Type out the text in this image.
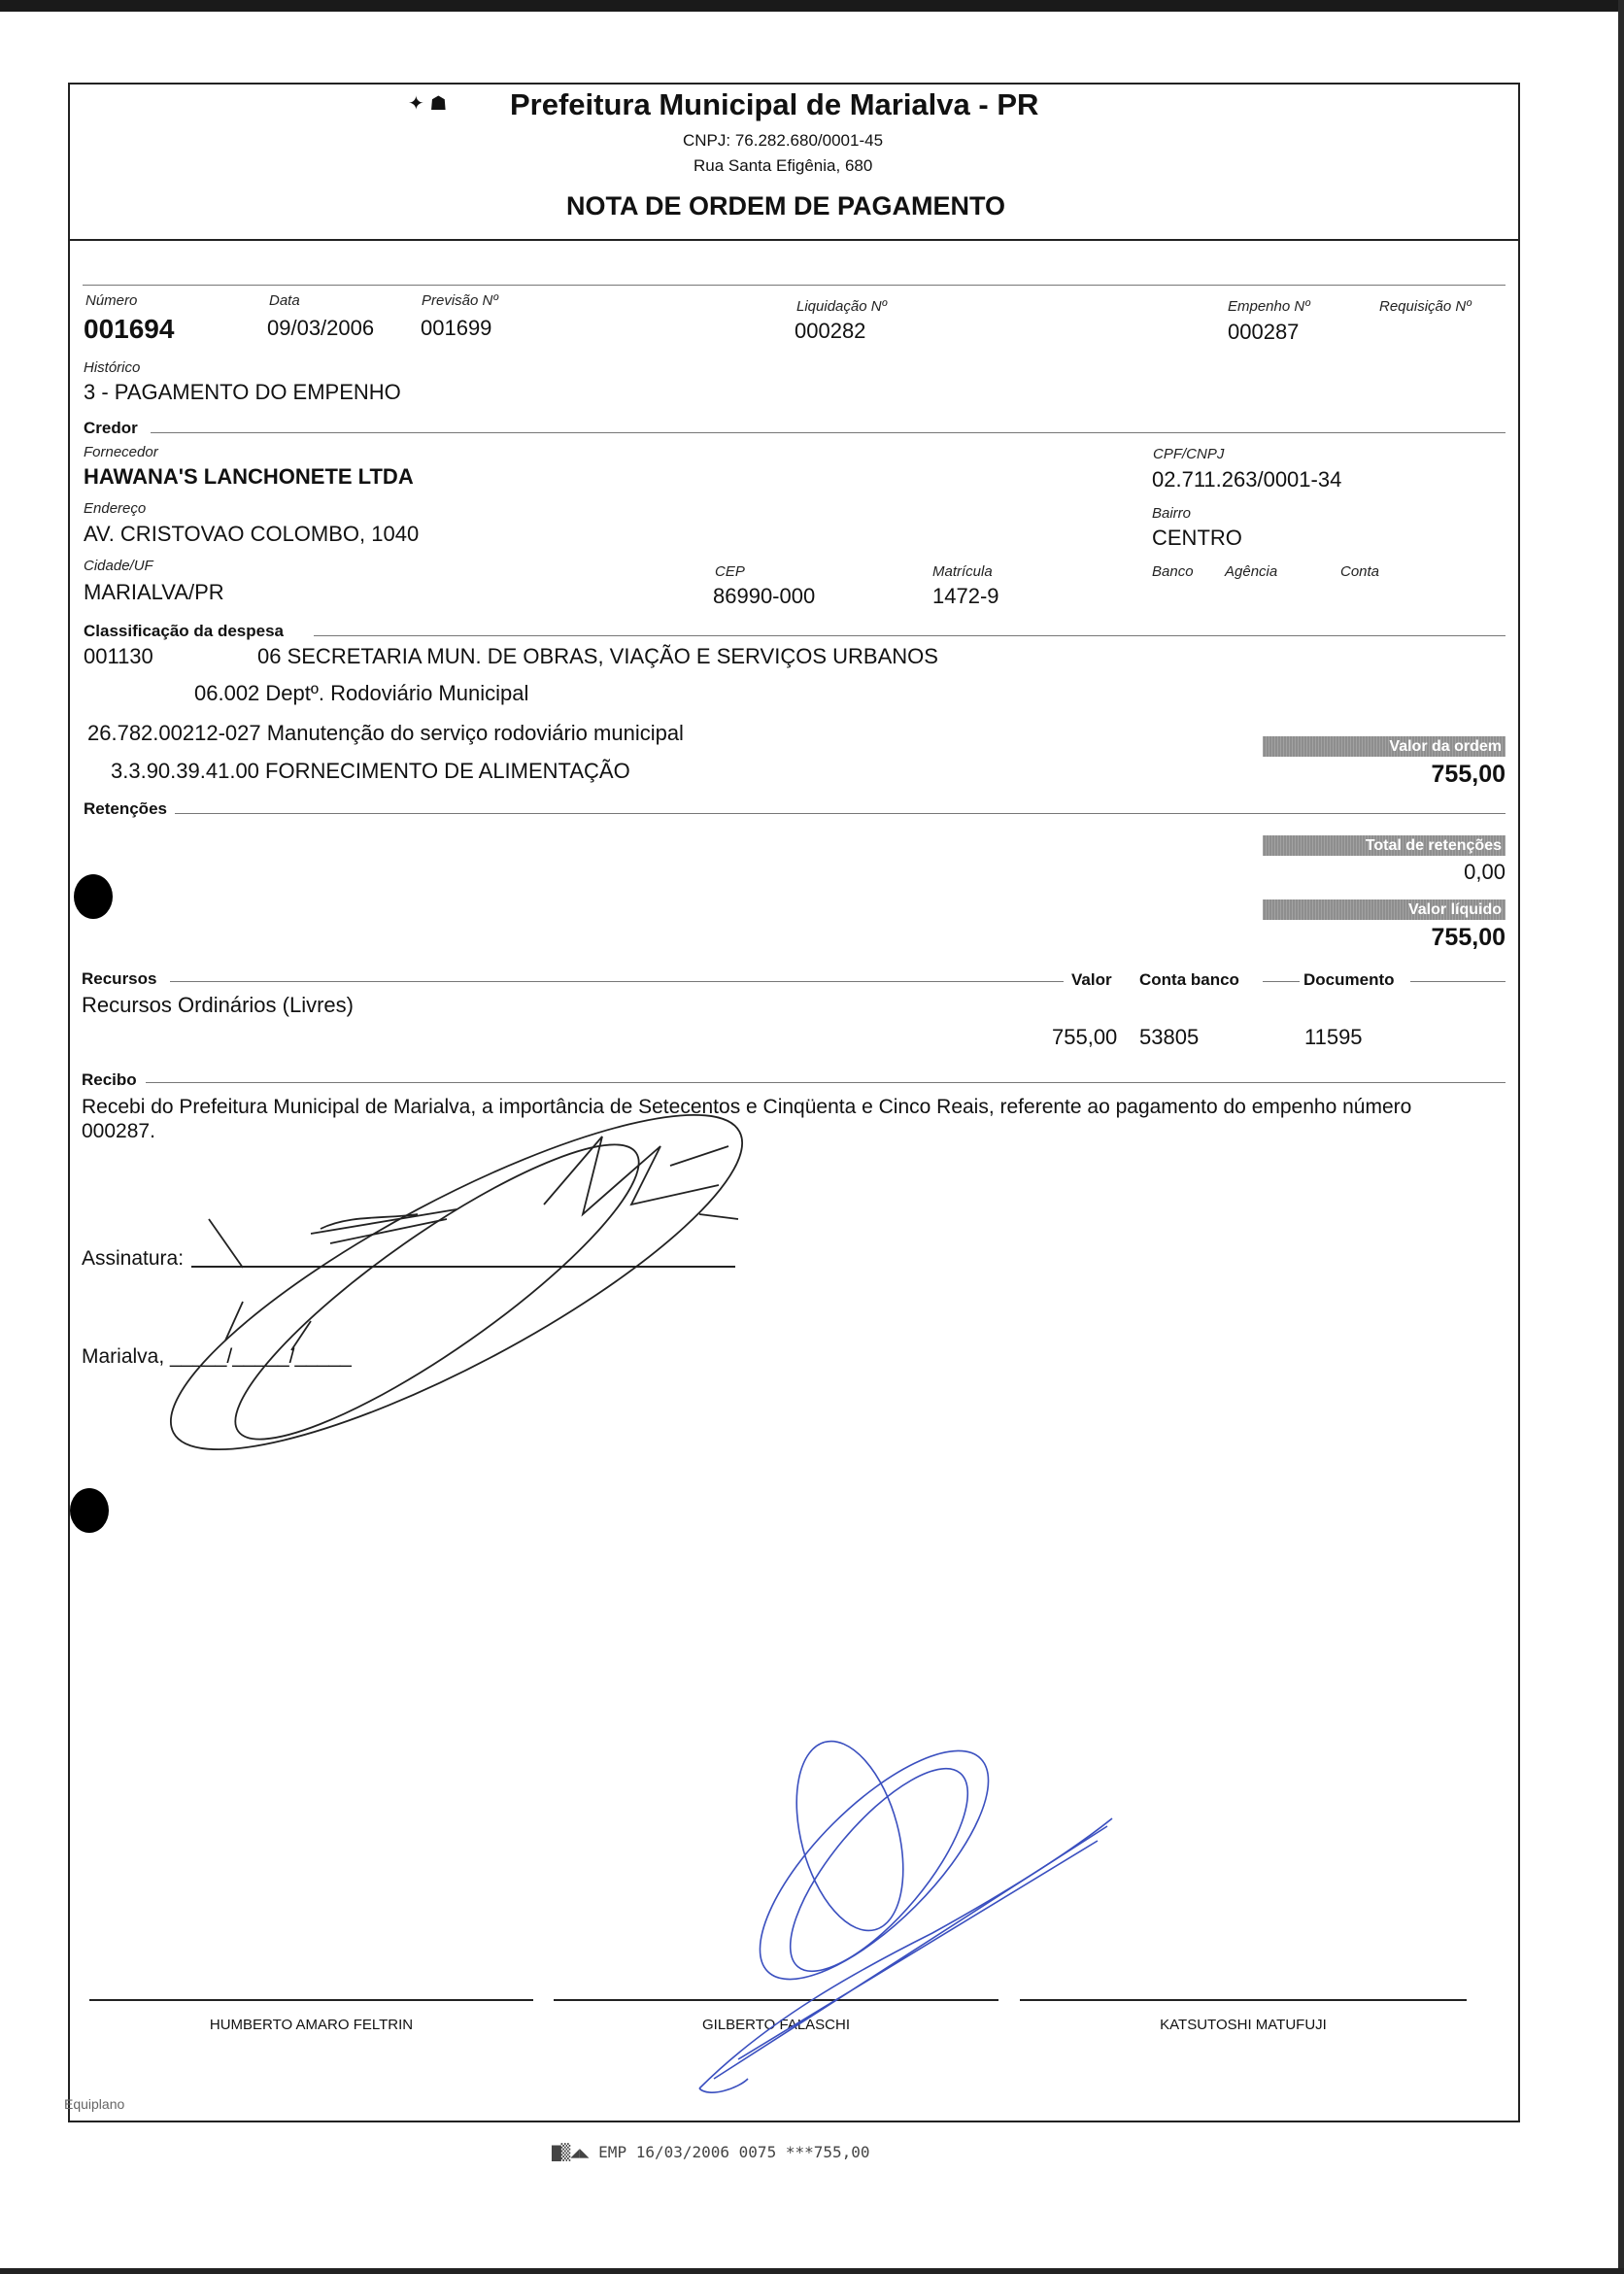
✦ ☗ Prefeitura Municipal de Marialva - PR
CNPJ: 76.282.680/0001-45
Rua Santa Efigênia, 680
NOTA DE ORDEM DE PAGAMENTO
Número
001694
Data
09/03/2006
Previsão Nº
001699
Liquidação Nº
000282
Empenho Nº
000287
Requisição Nº
Histórico
3 - PAGAMENTO DO EMPENHO
Credor
Fornecedor
HAWANA'S LANCHONETE LTDA
CPF/CNPJ
02.711.263/0001-34
Endereço
AV. CRISTOVAO COLOMBO, 1040
Bairro
CENTRO
Cidade/UF
MARIALVA/PR
CEP
86990-000
Matrícula
1472-9
Banco Agência	Conta
Classificação da despesa
001130	06 SECRETARIA MUN. DE OBRAS, VIAÇÃO E SERVIÇOS URBANOS
06.002 Deptº. Rodoviário Municipal
26.782.00212-027 Manutenção do serviço rodoviário municipal
3.3.90.39.41.00 FORNECIMENTO DE ALIMENTAÇÃO
Valor da ordem
755,00
Retenções
Total de retenções
0,00
Valor líquido
755,00
Recursos	Valor Conta banco	Documento
Recursos Ordinários (Livres)
755,00 53805	11595
Recibo
Recebi do Prefeitura Municipal de Marialva, a importância de Setecentos e Cinqüenta e Cinco Reais, referente ao pagamento do empenho número
000287.
Assinatura:
Marialva, _____/_____/_____
HUMBERTO AMARO FELTRIN	GILBERTO FALASCHI	KATSUTOSHI MATUFUJI
Equiplano
▇▒◢◣ EMP 16/03/2006 0075 ***755,00
